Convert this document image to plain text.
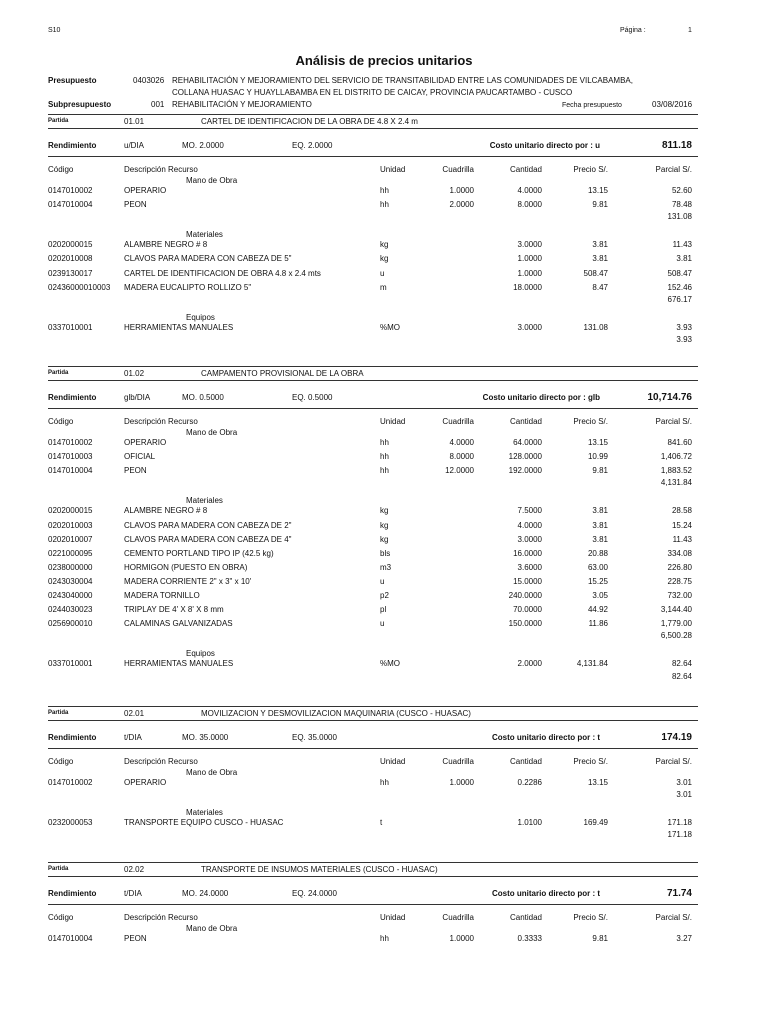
S10	Página :	1
Análisis de precios unitarios
Presupuesto	0403026 REHABILITACIÓN Y MEJORAMIENTO DEL SERVICIO DE TRANSITABILIDAD ENTRE LAS COMUNIDADES DE VILCABAMBA,
COLLANA HUASAC Y HUAYLLABAMBA EN EL DISTRITO DE CAICAY, PROVINCIA PAUCARTAMBO - CUSCO
Subpresupuesto	001 REHABILITACIÓN Y MEJORAMIENTO	Fecha presupuesto	03/08/2016
Partida	01.01	CARTEL DE IDENTIFICACION DE LA OBRA DE 4.8 X 2.4 m
Rendimiento	u/DIA	MO. 2.0000	EQ. 2.0000	Costo unitario directo por : u	811.18
Código	Descripción Recurso	Unidad	Cuadrilla	Cantidad	Precio S/.	Parcial S/.
Mano de Obra
0147010002	OPERARIO	hh	1.0000	4.0000	13.15	52.60
0147010004	PEON	hh	2.0000	8.0000	9.81	78.48
131.08
Materiales
0202000015	ALAMBRE NEGRO # 8	kg	3.0000	3.81	11.43
0202010008	CLAVOS PARA MADERA CON CABEZA DE 5"	kg	1.0000	3.81	3.81
0239130017	CARTEL DE IDENTIFICACION DE OBRA 4.8 x 2.4 mts	u	1.0000	508.47	508.47
02436000010003 MADERA EUCALIPTO ROLLIZO 5"	m	18.0000	8.47	152.46
676.17
Equipos
0337010001	HERRAMIENTAS MANUALES	%MO	3.0000	131.08	3.93
3.93
Partida	01.02	CAMPAMENTO PROVISIONAL DE LA OBRA
Rendimiento	glb/DIA	MO. 0.5000	EQ. 0.5000	Costo unitario directo por : glb	10,714.76
Código	Descripción Recurso	Unidad	Cuadrilla	Cantidad	Precio S/.	Parcial S/.
Mano de Obra
0147010002	OPERARIO	hh	4.0000	64.0000	13.15	841.60
0147010003	OFICIAL	hh	8.0000	128.0000	10.99	1,406.72
0147010004	PEON	hh	12.0000	192.0000	9.81	1,883.52
4,131.84
Materiales
0202000015	ALAMBRE NEGRO # 8	kg	7.5000	3.81	28.58
0202010003	CLAVOS PARA MADERA CON CABEZA DE 2"	kg	4.0000	3.81	15.24
0202010007	CLAVOS PARA MADERA CON CABEZA DE 4"	kg	3.0000	3.81	11.43
0221000095	CEMENTO PORTLAND TIPO IP (42.5 kg)	bls	16.0000	20.88	334.08
0238000000	HORMIGON (PUESTO EN OBRA)	m3	3.6000	63.00	226.80
0243030004	MADERA CORRIENTE 2" x 3" x 10'	u	15.0000	15.25	228.75
0243040000	MADERA TORNILLO	p2	240.0000	3.05	732.00
0244030023	TRIPLAY DE 4' X 8' X 8 mm	pl	70.0000	44.92	3,144.40
0256900010	CALAMINAS GALVANIZADAS	u	150.0000	11.86	1,779.00
6,500.28
Equipos
0337010001	HERRAMIENTAS MANUALES	%MO	2.0000	4,131.84	82.64
82.64
Partida	02.01	MOVILIZACION Y DESMOVILIZACION MAQUINARIA (CUSCO - HUASAC)
Rendimiento	t/DIA	MO. 35.0000	EQ. 35.0000	Costo unitario directo por : t	174.19
Código	Descripción Recurso	Unidad	Cuadrilla	Cantidad	Precio S/.	Parcial S/.
Mano de Obra
0147010002	OPERARIO	hh	1.0000	0.2286	13.15	3.01
3.01
Materiales
0232000053	TRANSPORTE EQUIPO CUSCO - HUASAC	t	1.0100	169.49	171.18
171.18
Partida	02.02	TRANSPORTE DE INSUMOS MATERIALES (CUSCO - HUASAC)
Rendimiento	t/DIA	MO. 24.0000	EQ. 24.0000	Costo unitario directo por : t	71.74
Código	Descripción Recurso	Unidad	Cuadrilla	Cantidad	Precio S/.	Parcial S/.
Mano de Obra
0147010004	PEON	hh	1.0000	0.3333	9.81	3.27
